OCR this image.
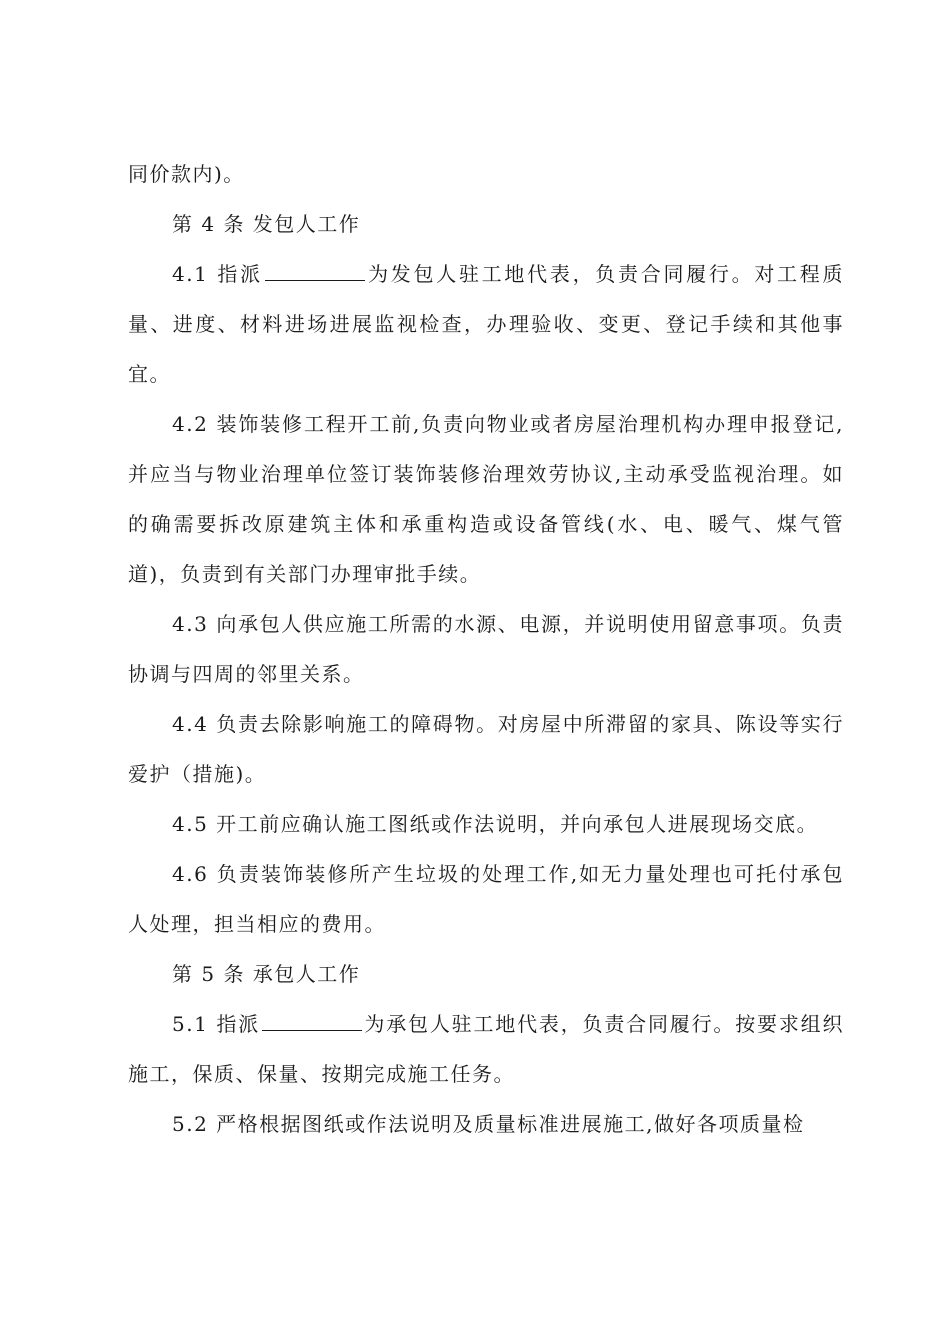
同价款内)。

第 4 条 发包人工作

4.1 指派	为发包人驻工地代表，负责合同履行。对工程质量、进度、材料进场进展监视检查，办理验收、变更、登记手续和其他事宜。

4.2 装饰装修工程开工前,负责向物业或者房屋治理机构办理申报登记,并应当与物业治理单位签订装饰装修治理效劳协议,主动承受监视治理。如的确需要拆改原建筑主体和承重构造或设备管线(水、电、暖气、煤气管道)，负责到有关部门办理审批手续。

4.3 向承包人供应施工所需的水源、电源，并说明使用留意事项。负责协调与四周的邻里关系。

4.4 负责去除影响施工的障碍物。对房屋中所滞留的家具、陈设等实行爱护（措施)。

4.5 开工前应确认施工图纸或作法说明，并向承包人进展现场交底。

4.6 负责装饰装修所产生垃圾的处理工作,如无力量处理也可托付承包人处理，担当相应的费用。

第 5 条 承包人工作

5.1 指派	为承包人驻工地代表，负责合同履行。按要求组织施工，保质、保量、按期完成施工任务。

5.2 严格根据图纸或作法说明及质量标准进展施工,做好各项质量检
